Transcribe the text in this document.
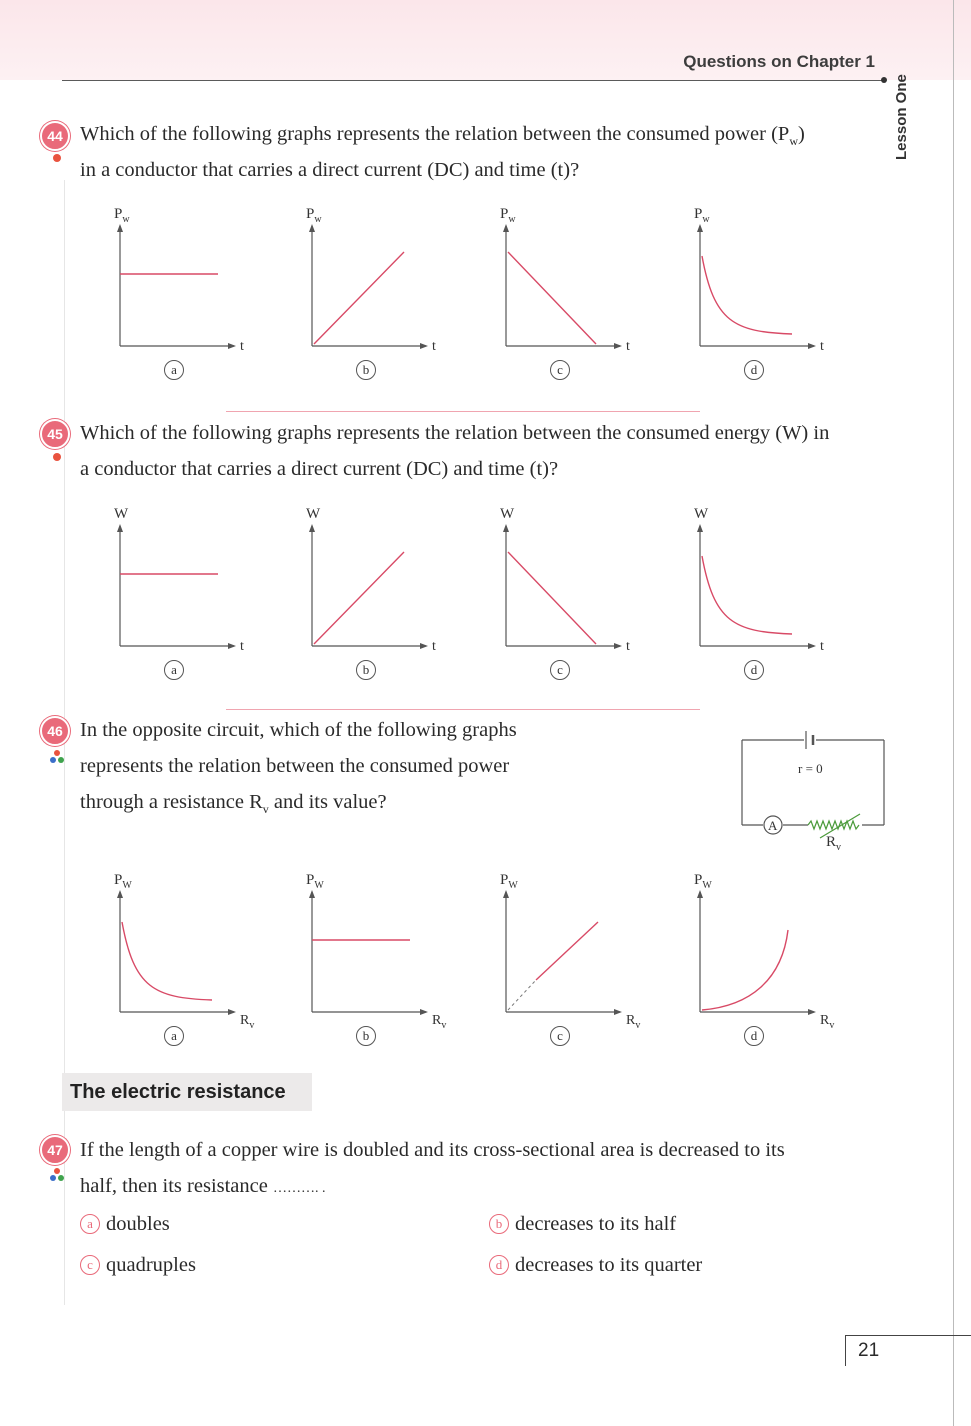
Questions on Chapter 1
Lesson One
44 Which of the following graphs represents the relation between the consumed power $(P_w)$
in a conductor that carries a direct current (DC) and time (t)?
$P_w$
t
a
$P_w$
t
b
$P_w$
t
c
$P_w$
t
d
45 Which of the following graphs represents the relation between the consumed energy (W) in
a conductor that carries a direct current (DC) and time (t)?
W
t
a
W
t
b
W
t
c
W
t
d
46 In the opposite circuit, which of the following graphs
represents the relation between the consumed power
through a resistance $R_v$ and its value?
r = 0
A
$R_v$
$P_W$
$R_v$
a
$P_W$
$R_v$
b
$P_W$
$R_v$
c
$P_W$
$R_v$
d
The electric resistance
47 If the length of a copper wire is doubled and its cross-sectional area is decreased to its
half, then its resistance ………. .
a doubles	b decreases to its half
c quadruples	d decreases to its quarter
21
